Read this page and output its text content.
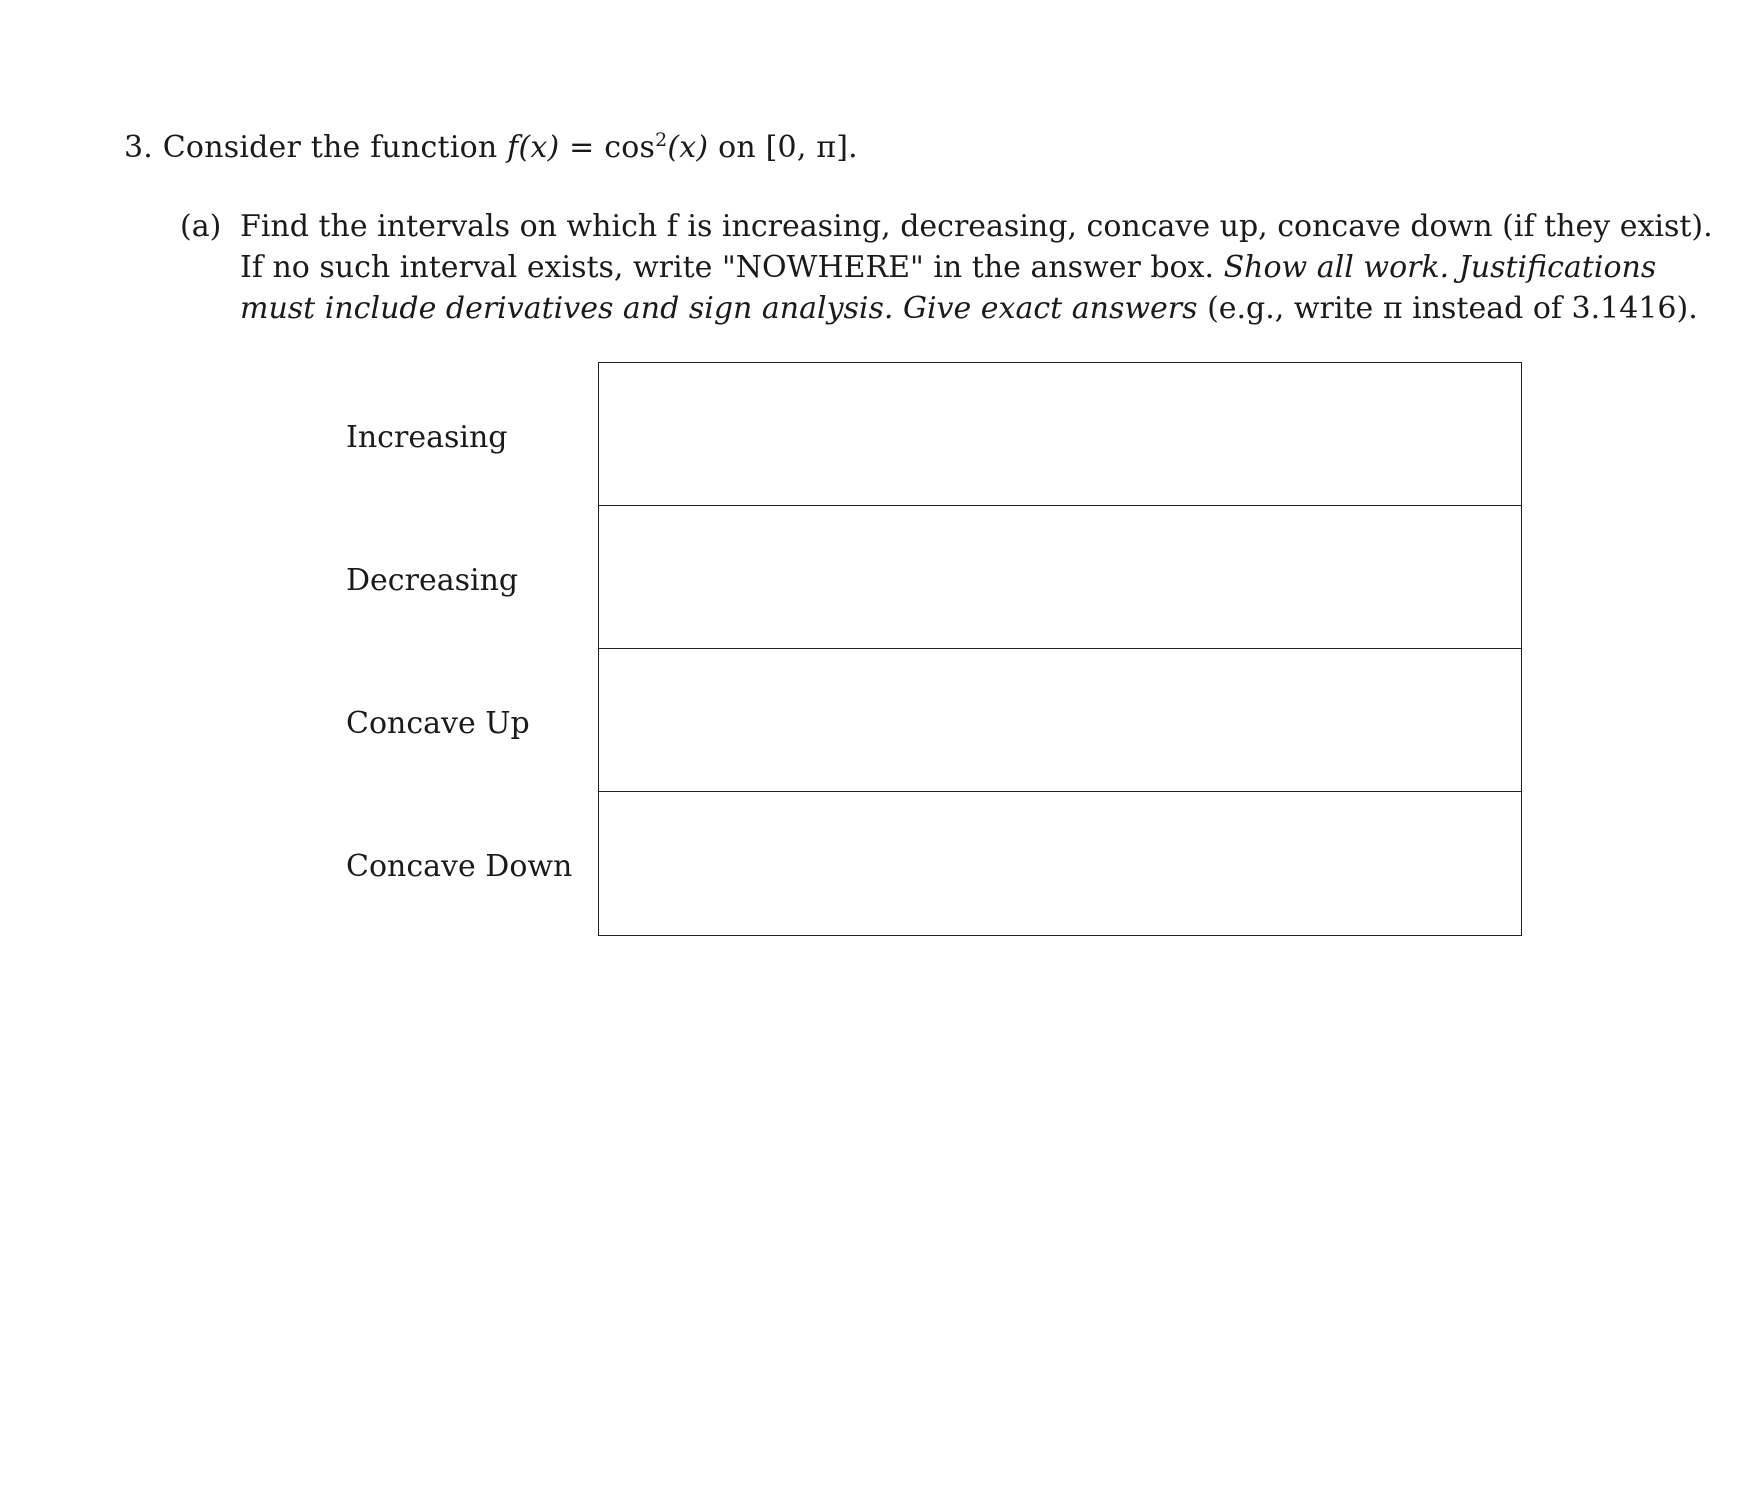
3. Consider the function $f(x) = \cos^2(x)$ on [0, π].
(a) Find the intervals on which f is increasing, decreasing, concave up, concave down (if they exist).
If no such interval exists, write "NOWHERE" in the answer box. Show all work. Justifications
must include derivatives and sign analysis. Give exact answers (e.g., write π instead of 3.1416).
Increasing
Decreasing
Concave Up
Concave Down
